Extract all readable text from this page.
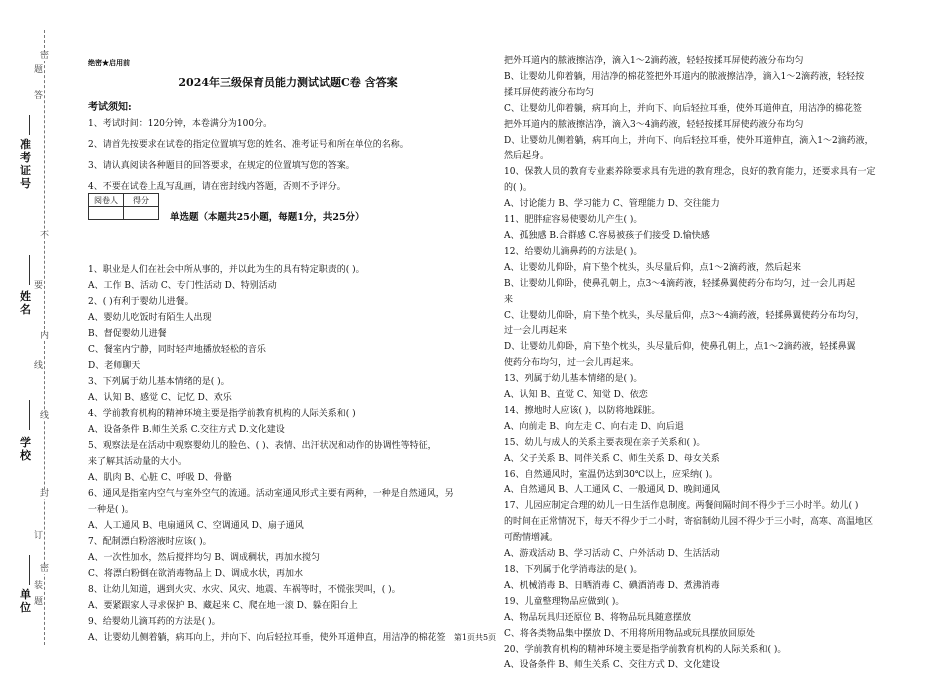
密
不
内
线
封
密
题
答
要
线
订
装
题
准考证号
姓名
学校
单位
绝密★启用前
2024年三级保育员能力测试试题C卷 含答案
考试须知:

1、考试时间：120分钟，本卷满分为100分。

2、请首先按要求在试卷的指定位置填写您的姓名、准考证号和所在单位的名称。

3、请认真阅读各种题目的回答要求，在规定的位置填写您的答案。

4、不要在试卷上乱写乱画，请在密封线内答题，否则不予评分。

阅卷人	得分

单选题（本题共25小题，每题1分，共25分）

1、职业是人们在社会中所从事的，并以此为生的具有特定职责的( )。

A、工作 B、活动 C、专门性活动 D、特别活动

2、( )有利于婴幼儿进餐。

A、婴幼儿吃饭时有陌生人出现

B、督促婴幼儿进餐

C、餐室内宁静，同时轻声地播放轻松的音乐

D、老师聊天

3、下列属于幼儿基本情绪的是( )。

A、认知 B、感觉 C、记忆 D、欢乐

4、学前教育机构的精神环境主要是指学前教育机构的人际关系和( )

A、设备条件 B.师生关系 C.交往方式 D.文化建设

5、观察法是在活动中观察婴幼儿的脸色、( )、表情、出汗状况和动作的协调性等特征，

来了解其活动量的大小。

A、肌肉 B、心脏 C、呼吸 D、骨骼

6、通风是指室内空气与室外空气的流通。活动室通风形式主要有两种，一种是自然通风，另

一种是( )。

A、人工通风 B、电扇通风 C、空调通风 D、扇子通风

7、配制漂白粉溶液时应该( )。

A、一次性加水，然后搅拌均匀 B、调成稠状，再加水搅匀

C、将漂白粉倒在欲消毒物品上 D、调成水状，再加水

8、让幼儿知道，遇到火灾、水灾、风灾、地震、车祸等时，不慌张哭叫，( )。

A、要紧跟家人寻求保护 B、藏起来 C、爬在地一滚 D、躲在阳台上

9、给婴幼儿滴耳药的方法是( )。

A、让婴幼儿侧着躺，病耳向上，并向下、向后轻拉耳垂，使外耳道伸直，用洁净的棉花签

把外耳道内的脓液擦洁净，滴入1～2滴药液，轻轻按揉耳屏使药液分布均匀

B、让婴幼儿仰着躺，用洁净的棉花签把外耳道内的脓液擦洁净，滴入1～2滴药液，轻轻按

揉耳屏使药液分布均匀

C、让婴幼儿仰着躺，病耳向上，并向下、向后轻拉耳垂，使外耳道伸直，用洁净的棉花签

把外耳道内的脓液擦洁净，滴入3～4滴药液，轻轻按揉耳屏使药液分布均匀

D、让婴幼儿侧着躺，病耳向上，并向下、向后轻拉耳垂，使外耳道伸直，滴入1～2滴药液，

然后起身。

10、保教人员的教育专业素养除要求具有先进的教育理念，良好的教育能力，还要求具有一定

的( )。

A、讨论能力 B、学习能力 C、管理能力 D、交往能力

11、肥胖症容易使婴幼儿产生( )。

A、孤独感 B.合群感 C.容易被孩子们接受 D.愉快感

12、给婴幼儿滴鼻药的方法是( )。

A、让婴幼儿仰卧，肩下垫个枕头，头尽量后仰，点1～2滴药液，然后起来

B、让婴幼儿仰卧，使鼻孔朝上，点3～4滴药液，轻揉鼻翼使药分布均匀，过一会儿再起

来

C、让婴幼儿仰卧，肩下垫个枕头，头尽量后仰，点3～4滴药液，轻揉鼻翼使药分布均匀，

过一会儿再起来

D、让婴幼儿仰卧，肩下垫个枕头，头尽量后仰，使鼻孔朝上，点1～2滴药液，轻揉鼻翼

使药分布均匀，过一会儿再起来。

13、列属于幼儿基本情绪的是( )。

A、认知 B、直觉 C、知觉 D、依恋

14、擦地时人应该( )，以防将地踩脏。

A、向前走 B、向左走 C、向右走 D、向后退

15、幼儿与成人的关系主要表现在亲子关系和( )。

A、父子关系 B、同伴关系 C、师生关系 D、母女关系

16、自然通风时，室温仍达到30℃以上，应采纳( )。

A、自然通风 B、人工通风 C、一般通风 D、晚间通风

17、儿园应制定合理的幼儿一日生活作息制度。两餐间隔时间不得少于三小时半。幼儿( )

的时间在正常情况下，每天不得少于二小时，寄宿制幼儿园不得少于三小时，高寒、高温地区

可酌情增减。

A、游戏活动 B、学习活动 C、户外活动 D、生活活动

18、下列属于化学消毒法的是( )。

A、机械消毒 B、日晒消毒 C、碘酒消毒 D、煮沸消毒

19、儿童整理物品应做到( )。

A、物品玩具归还原位 B、将物品玩具随意摆放

C、将各类物品集中摆放 D、不用将所用物品或玩具摆放回原处

20、学前教育机构的精神环境主要是指学前教育机构的人际关系和( )。

A、设备条件 B、师生关系 C、交往方式 D、文化建设

第1页共5页
